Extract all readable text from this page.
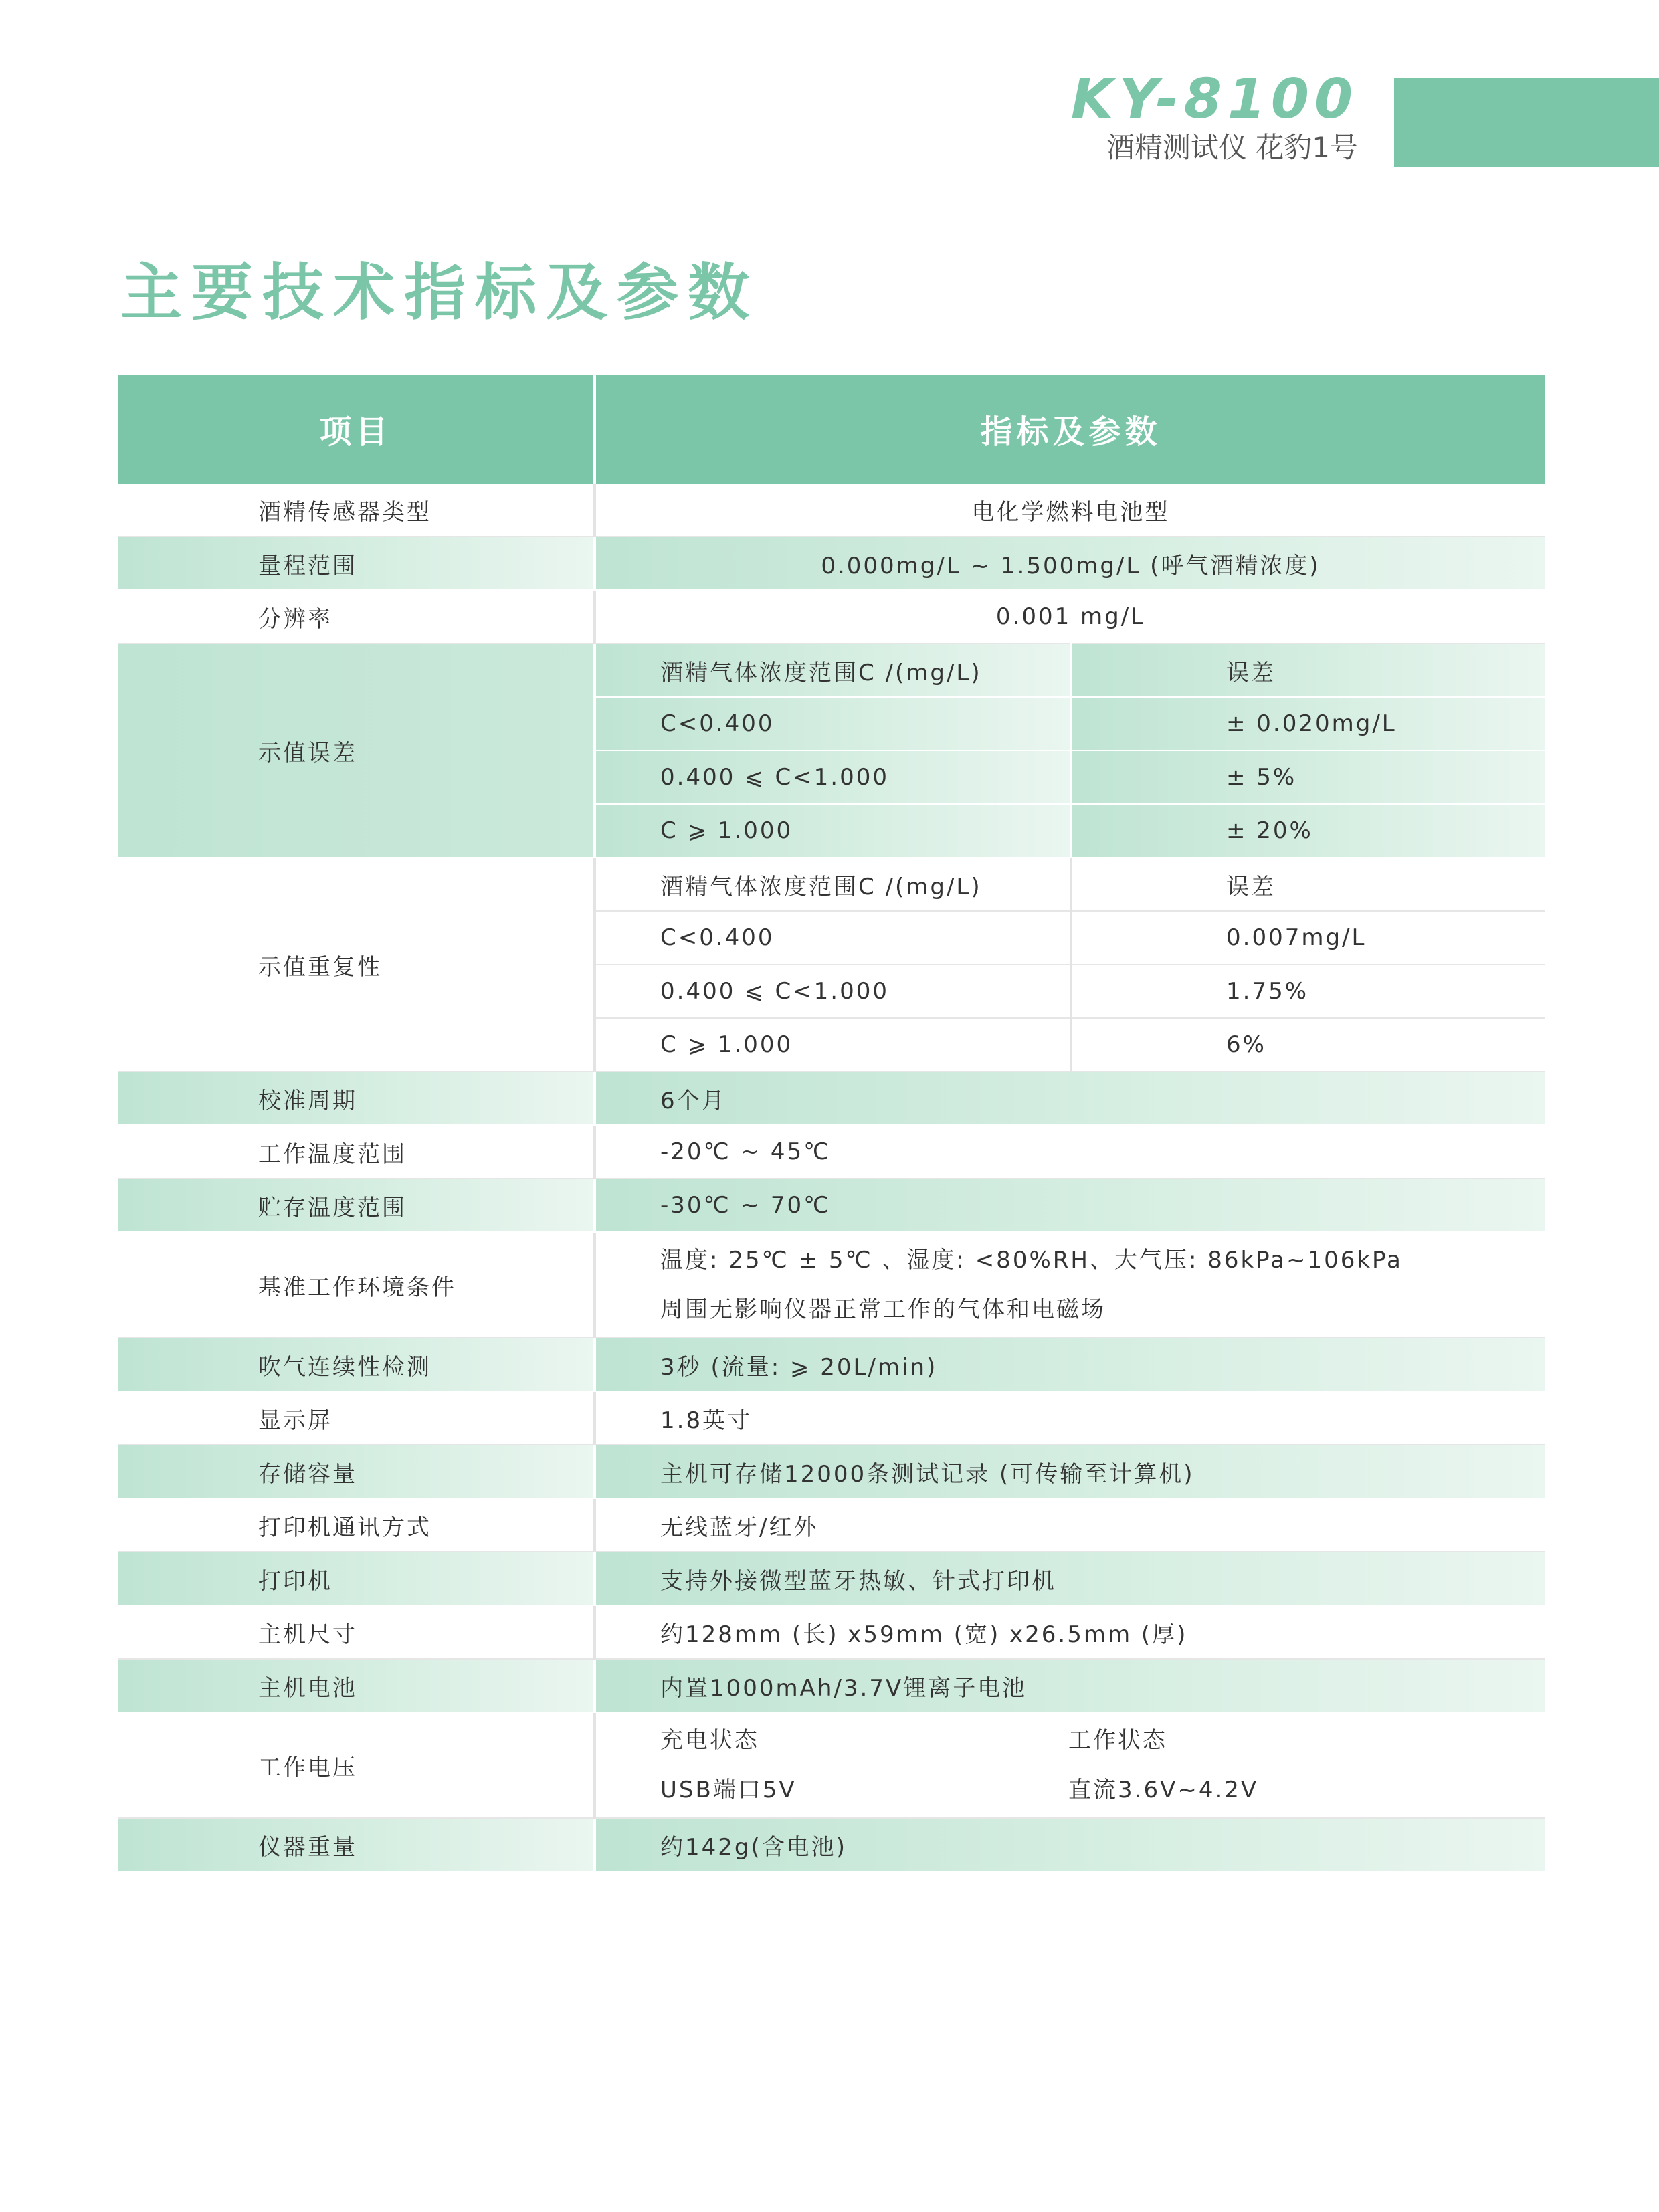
KY-8100
酒精测试仪 花豹1号
主要技术指标及参数
项目	指标及参数	
酒精传感器类型	电化学燃料电池型	
量程范围	0.000mg/L ~ 1.500mg/L (呼气酒精浓度)	
分辨率	0.001 mg/L	
示值误差	酒精气体浓度范围C /(mg/L)	误差
	C<0.400	± 0.020mg/L
	0.400 ⩽ C<1.000	± 5%
	C ⩾ 1.000	± 20%
示值重复性	酒精气体浓度范围C /(mg/L)	误差
	C<0.400	0.007mg/L
	0.400 ⩽ C<1.000	1.75%
	C ⩾ 1.000	6%
校准周期	6个月	
工作温度范围	-20℃ ~ 45℃	
贮存温度范围	-30℃ ~ 70℃	
基准工作环境条件	温度: 25℃ ± 5℃ 、湿度: <80%RH、大气压: 86kPa~106kPa
周围无影响仪器正常工作的气体和电磁场	

吹气连续性检测	3秒 (流量: ⩾ 20L/min)	
显示屏	1.8英寸	
存储容量	主机可存储12000条测试记录 (可传输至计算机)	
打印机通讯方式	无线蓝牙/红外	
打印机	支持外接微型蓝牙热敏、针式打印机	
主机尺寸	约128mm (长) x59mm (宽) x26.5mm (厚)	
主机电池	内置1000mAh/3.7V锂离子电池	
工作电压	充电状态 工作状态
USB端口5V 直流3.6V~4.2V	

仪器重量	约142g(含电池)	
